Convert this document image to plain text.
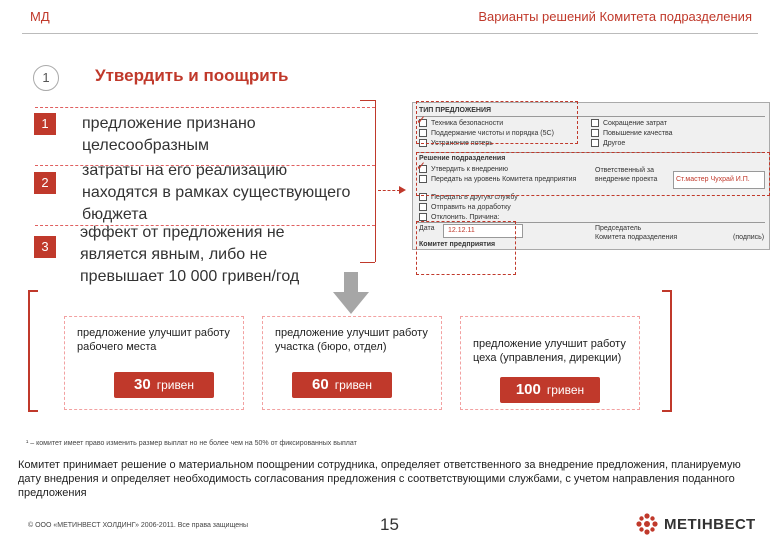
МД	Варианты решений Комитета подразделения
1	Утвердить и поощрить
1	предложение признано целесообразным
2
затраты на его реализацию находятся в рамках существующего бюджета
3
эффект от предложения не является явным, либо не превышает 10 000 гривен/год
ТИП ПРЕДЛОЖЕНИЯ
Техника безопасности
Поддержание чистоты и порядка (5С)
Устранение потерь
Сокращение затрат
Повышение качества
Другое
Решение подразделения
Утвердить к внедрению
Передать на уровень Комитета предприятия
Передать в другую службу
Отправить на доработку
Отклонить. Причина:
Ответственный за
внедрение проекта	Ст.мастер Чухрай И.П.
Дата 12.12.11	Председатель
Комитета подразделения	(подпись)
Комитет предприятия
✓
✓
предложение улучшит работу рабочего места
30 гривен
предложение улучшит работу участка (бюро, отдел)
60 гривен
предложение улучшит работу цеха (управления, дирекции)
100 гривен
¹ – комитет имеет право изменить размер выплат но не более чем на 50% от фиксированных выплат
Комитет принимает решение о материальном поощрении сотрудника, определяет ответственного за внедрение предложения, планируемую дату внедрения и определяет необходимость согласования предложения с соответствующими службами, с учетом направления поданного предложения
© ООО «МЕТИНВЕСТ ХОЛДИНГ» 2006-2011. Все права защищены	15	МЕТІНВЕСТ
